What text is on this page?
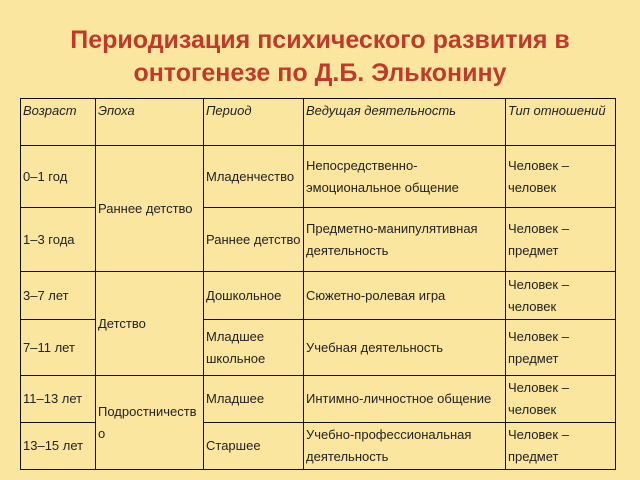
Периодизация психического развития в
онтогенезе по Д.Б. Эльконину
Возраст	Эпоха	Период	Ведущая деятельность	Тип отношений
0–1 год	Раннее детство	Младенчество	Непосредственно-эмоциональное общение	Человек – человек
1–3 года		Раннее детство	Предметно-манипулятивная деятельность	Человек – предмет
3–7 лет	Детство	Дошкольное	Сюжетно-ролевая игра	Человек – человек
7–11 лет		Младшее школьное	Учебная деятельность	Человек – предмет
11–13 лет	Подростничество	Младшее	Интимно-личностное общение	Человек – человек
13–15 лет		Старшее	Учебно-профессиональная деятельность	Человек – предмет
